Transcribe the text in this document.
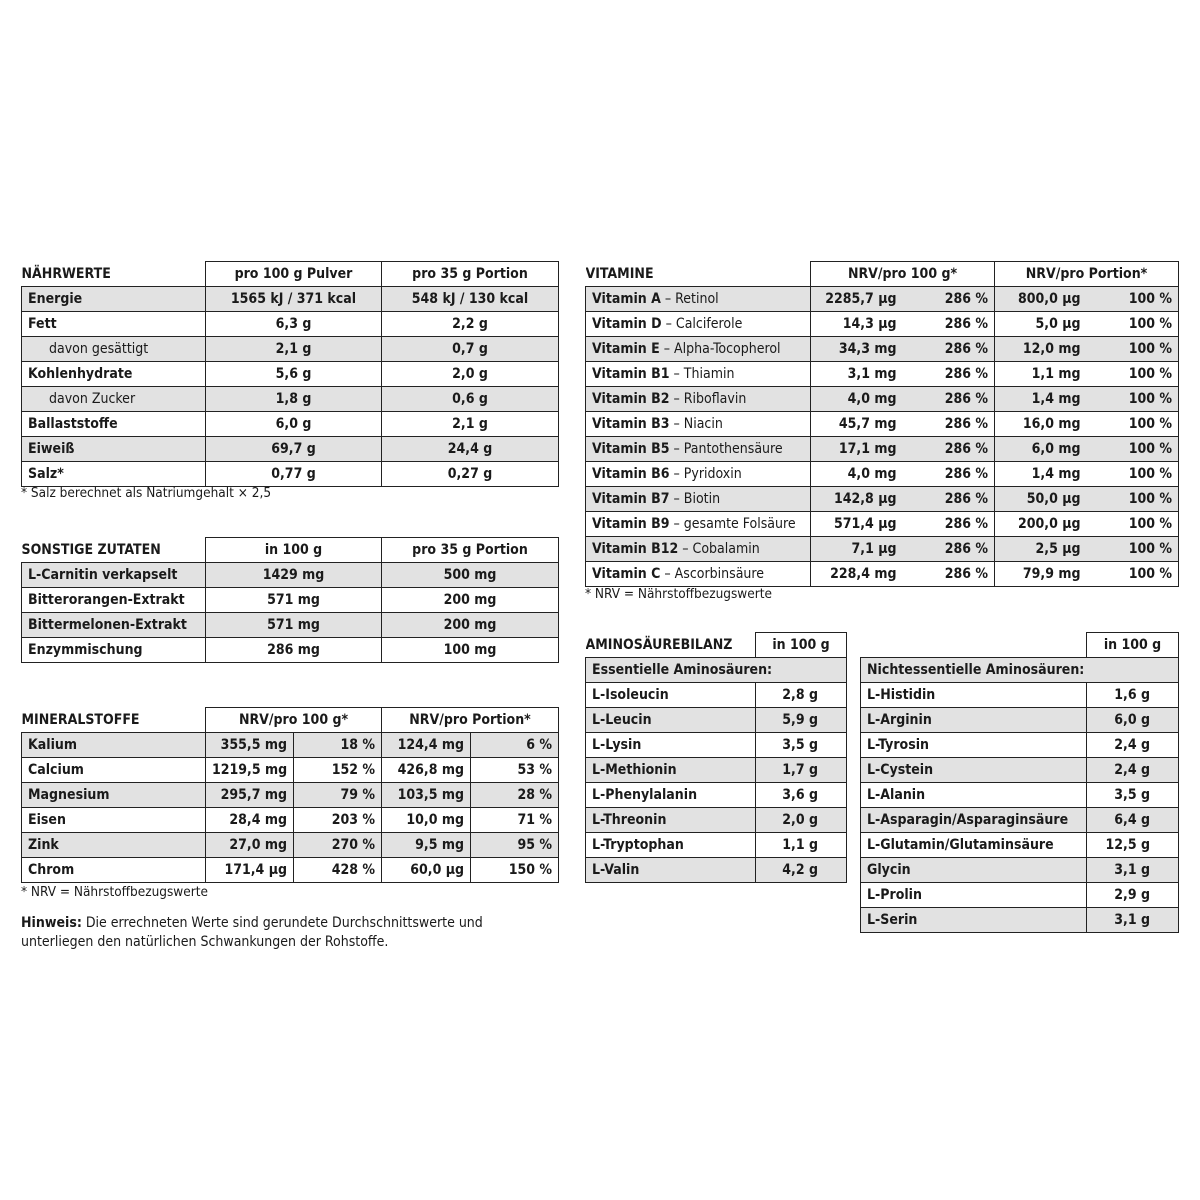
NÄHRWERTE	pro 100 g Pulver	pro 35 g Portion
Energie	1565 kJ / 371 kcal	548 kJ / 130 kcal
Fett	6,3 g	2,2 g
davon gesättigt	2,1 g	0,7 g
Kohlenhydrate	5,6 g	2,0 g
davon Zucker	1,8 g	0,6 g
Ballaststoffe	6,0 g	2,1 g
Eiweiß	69,7 g	24,4 g
Salz*	0,77 g	0,27 g
* Salz berechnet als Natriumgehalt × 2,5
SONSTIGE ZUTATEN	in 100 g	pro 35 g Portion
L-Carnitin verkapselt	1429 mg	500 mg
Bitterorangen-Extrakt	571 mg	200 mg
Bittermelonen-Extrakt	571 mg	200 mg
Enzymmischung	286 mg	100 mg
MINERALSTOFFE	NRV/pro 100 g*		NRV/pro Portion*	
Kalium	355,5 mg	18 %	124,4 mg	6 %
Calcium	1219,5 mg	152 %	426,8 mg	53 %
Magnesium	295,7 mg	79 %	103,5 mg	28 %
Eisen	28,4 mg	203 %	10,0 mg	71 %
Zink	27,0 mg	270 %	9,5 mg	95 %
Chrom	171,4 µg	428 %	60,0 µg	150 %
* NRV = Nährstoffbezugswerte
Hinweis: Die errechneten Werte sind gerundete Durchschnittswerte und
unterliegen den natürlichen Schwankungen der Rohstoffe.
VITAMINE	NRV/pro 100 g*		NRV/pro Portion*	
Vitamin A – Retinol	2285,7 µg	286 %	800,0 µg	100 %
Vitamin D – Calciferole	14,3 µg	286 %	5,0 µg	100 %
Vitamin E – Alpha-Tocopherol	34,3 mg	286 %	12,0 mg	100 %
Vitamin B1 – Thiamin	3,1 mg	286 %	1,1 mg	100 %
Vitamin B2 – Riboflavin	4,0 mg	286 %	1,4 mg	100 %
Vitamin B3 – Niacin	45,7 mg	286 %	16,0 mg	100 %
Vitamin B5 – Pantothensäure	17,1 mg	286 %	6,0 mg	100 %
Vitamin B6 – Pyridoxin	4,0 mg	286 %	1,4 mg	100 %
Vitamin B7 – Biotin	142,8 µg	286 %	50,0 µg	100 %
Vitamin B9 – gesamte Folsäure	571,4 µg	286 %	200,0 µg	100 %
Vitamin B12 – Cobalamin	7,1 µg	286 %	2,5 µg	100 %
Vitamin C – Ascorbinsäure	228,4 mg	286 %	79,9 mg	100 %
* NRV = Nährstoffbezugswerte
AMINOSÄUREBILANZ	in 100 g
Essentielle Aminosäuren:	
L-Isoleucin	2,8 g
L-Leucin	5,9 g
L-Lysin	3,5 g
L-Methionin	1,7 g
L-Phenylalanin	3,6 g
L-Threonin	2,0 g
L-Tryptophan	1,1 g
L-Valin	4,2 g
	in 100 g
Nichtessentielle Aminosäuren:	
L-Histidin	1,6 g
L-Arginin	6,0 g
L-Tyrosin	2,4 g
L-Cystein	2,4 g
L-Alanin	3,5 g
L-Asparagin/Asparaginsäure	6,4 g
L-Glutamin/Glutaminsäure	12,5 g
Glycin	3,1 g
L-Prolin	2,9 g
L-Serin	3,1 g
